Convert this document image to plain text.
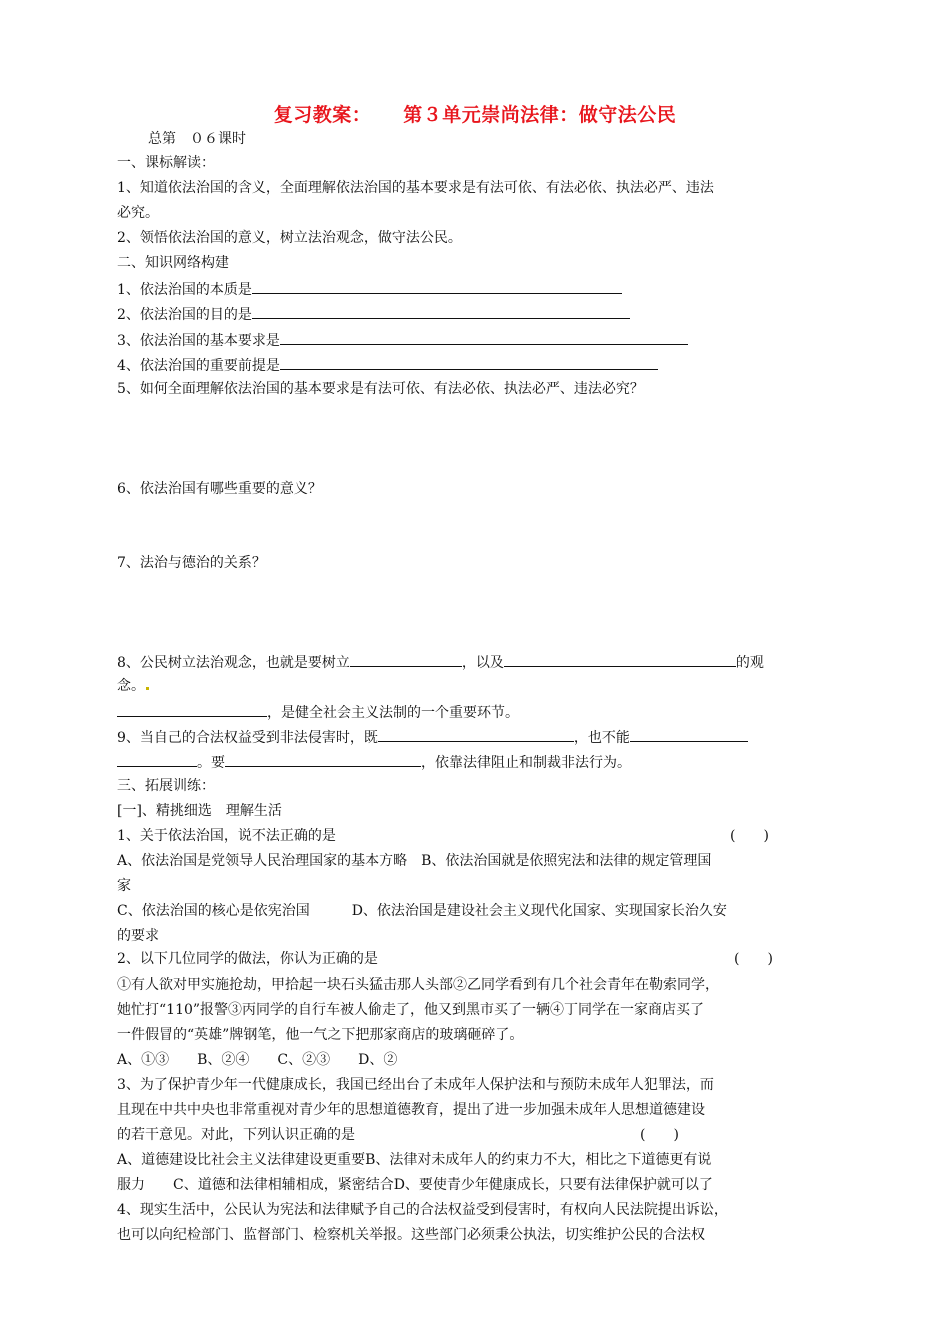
复习教案： 第３单元崇尚法律：做守法公民
总第　０６课时
一、课标解读：
1、知道依法治国的含义，全面理解依法治国的基本要求是有法可依、有法必依、执法必严、违法
必究。
2、领悟依法治国的意义，树立法治观念，做守法公民。
二、知识网络构建
1、依法治国的本质是
2、依法治国的目的是
3、依法治国的基本要求是
4、依法治国的重要前提是
5、如何全面理解依法治国的基本要求是有法可依、有法必依、执法必严、违法必究？
6、依法治国有哪些重要的意义？
7、法治与德治的关系？
8、公民树立法治观念，也就是要树立	，以及	的观
念。
，是健全社会主义法制的一个重要环节。
9、当自己的合法权益受到非法侵害时，既	，也不能
。要	，依靠法律阻止和制裁非法行为。
三、拓展训练：
[一]、精挑细选　理解生活
1、关于依法治国，说不法正确的是	(　　)
A、依法治国是党领导人民治理国家的基本方略　B、依法治国就是依照宪法和法律的规定管理国
家
C、依法治国的核心是依宪治国　　　D、依法治国是建设社会主义现代化国家、实现国家长治久安
的要求
2、以下几位同学的做法，你认为正确的是	(　　)
①有人欲对甲实施抢劫，甲拾起一块石头猛击那人头部②乙同学看到有几个社会青年在勒索同学，
她忙打“110”报警③丙同学的自行车被人偷走了，他又到黑市买了一辆④丁同学在一家商店买了
一件假冒的“英雄”牌钢笔，他一气之下把那家商店的玻璃砸碎了。
A、①③　　B、②④　　C、②③　　D、②
3、为了保护青少年一代健康成长，我国已经出台了未成年人保护法和与预防未成年人犯罪法，而
且现在中共中央也非常重视对青少年的思想道德教育，提出了进一步加强未成年人思想道德建设
的若干意见。对此，下列认识正确的是	(　　)
A、道德建设比社会主义法律建设更重要B、法律对未成年人的约束力不大，相比之下道德更有说
服力　　C、道德和法律相辅相成，紧密结合D、要使青少年健康成长，只要有法律保护就可以了
4、现实生活中，公民认为宪法和法律赋予自己的合法权益受到侵害时，有权向人民法院提出诉讼，
也可以向纪检部门、监督部门、检察机关举报。这些部门必须秉公执法，切实维护公民的合法权
